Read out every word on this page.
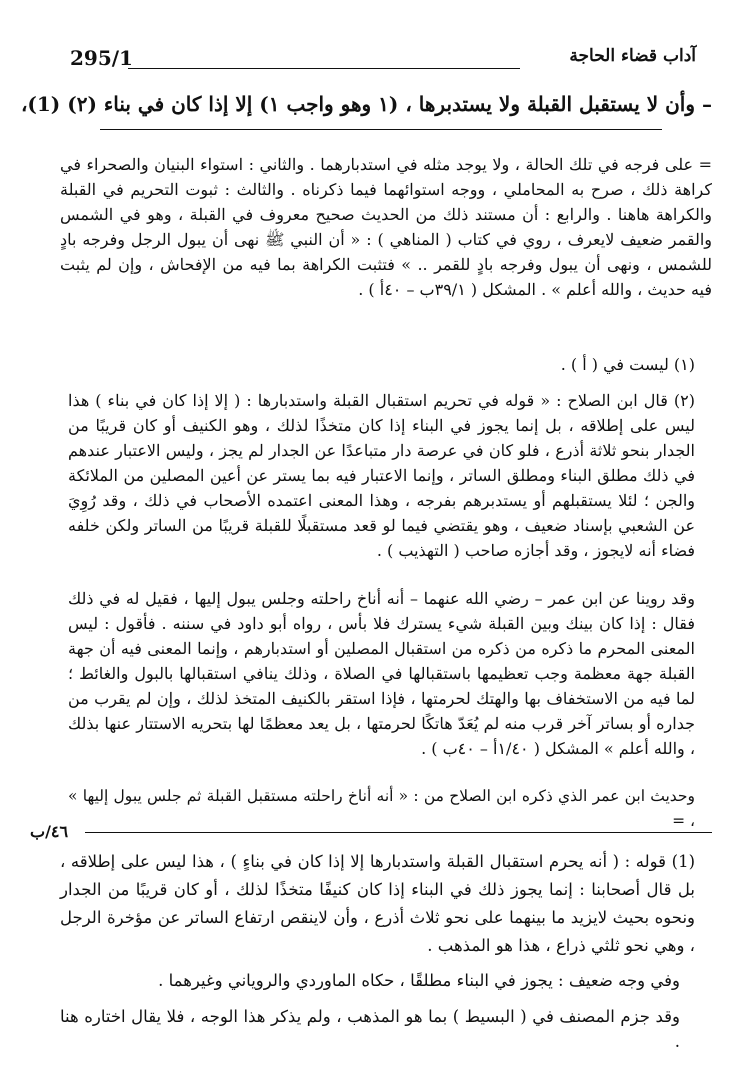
295/1	آداب قضاء الحاجة
– وأن لا يستقبل القبلة ولا يستدبرها ، (١ وهو واجب ١) إلا إذا كان في بناء (٢) (1)،
= على فرجه في تلك الحالة ، ولا يوجد مثله في استدبارهما . والثاني : استواء البنيان والصحراء في كراهة ذلك ، صرح به المحاملي ، ووجه استوائهما فيما ذكرناه . والثالث : ثبوت التحريم في القبلة والكراهة هاهنا . والرابع : أن مستند ذلك من الحديث صحيح معروف في القبلة ، وهو في الشمس والقمر ضعيف لايعرف ، روي في كتاب ( المناهي ) : « أن النبي ﷺ نهى أن يبول الرجل وفرجه بادٍ للشمس ، ونهى أن يبول وفرجه بادٍ للقمر .. » فتثبت الكراهة بما فيه من الإفحاش ، وإن لم يثبت فيه حديث ، والله أعلم » . المشكل ( ٣٩/١ب – ٤٠أ ) .
(١) ليست في ( أ ) .
(٢) قال ابن الصلاح : « قوله في تحريم استقبال القبلة واستدبارها : ( إلا إذا كان في بناء ) هذا ليس على إطلاقه ، بل إنما يجوز في البناء إذا كان متخذًا لذلك ، وهو الكنيف أو كان قريبًا من الجدار بنحو ثلاثة أذرع ، فلو كان في عرصة دار متباعدًا عن الجدار لم يجز ، وليس الاعتبار عندهم في ذلك مطلق البناء ومطلق الساتر ، وإنما الاعتبار فيه بما يستر عن أعين المصلين من الملائكة والجن ؛ لئلا يستقبلهم أو يستدبرهم بفرجه ، وهذا المعنى اعتمده الأصحاب في ذلك ، وقد رُوِيَ عن الشعبي بإسناد ضعيف ، وهو يقتضي فيما لو قعد مستقبلًا للقبلة قريبًا من الساتر ولكن خلفه فضاء أنه لايجوز ، وقد أجازه صاحب ( التهذيب ) .
وقد روينا عن ابن عمر – رضي الله عنهما – أنه أناخ راحلته وجلس يبول إليها ، فقيل له في ذلك فقال : إذا كان بينك وبين القبلة شيء يسترك فلا بأس ، رواه أبو داود في سننه . فأقول : ليس المعنى المحرم ما ذكره من ذكره من استقبال المصلين أو استدبارهم ، وإنما المعنى فيه أن جهة القبلة جهة معظمة وجب تعظيمها باستقبالها في الصلاة ، وذلك ينافي استقبالها بالبول والغائط ؛ لما فيه من الاستخفاف بها والهتك لحرمتها ، فإذا استقر بالكنيف المتخذ لذلك ، وإن لم يقرب من جداره أو بساتر آخر قرب منه لم يُعَدّ هاتكًا لحرمتها ، بل يعد معظمًا لها بتحريه الاستتار عنها بذلك ، والله أعلم » المشكل ( ١/٤٠أ – ٤٠ب ) .
وحديث ابن عمر الذي ذكره ابن الصلاح من : « أنه أناخ راحلته مستقبل القبلة ثم جلس يبول إليها » ، =
٤٦/ب
(1) قوله : ( أنه يحرم استقبال القبلة واستدبارها إلا إذا كان في بناءٍ ) ، هذا ليس على إطلاقه ، بل قال أصحابنا : إنما يجوز ذلك في البناء إذا كان كنيفًا متخذًا لذلك ، أو كان قريبًا من الجدار ونحوه بحيث لايزيد ما بينهما على نحو ثلاث أذرع ، وأن لاينقص ارتفاع الساتر عن مؤخرة الرجل ، وهي نحو ثلثي ذراع ، هذا هو المذهب .
وفي وجه ضعيف : يجوز في البناء مطلقًا ، حكاه الماوردي والروياني وغيرهما .
وقد جزم المصنف في ( البسيط ) بما هو المذهب ، ولم يذكر هذا الوجه ، فلا يقال اختاره هنا .
